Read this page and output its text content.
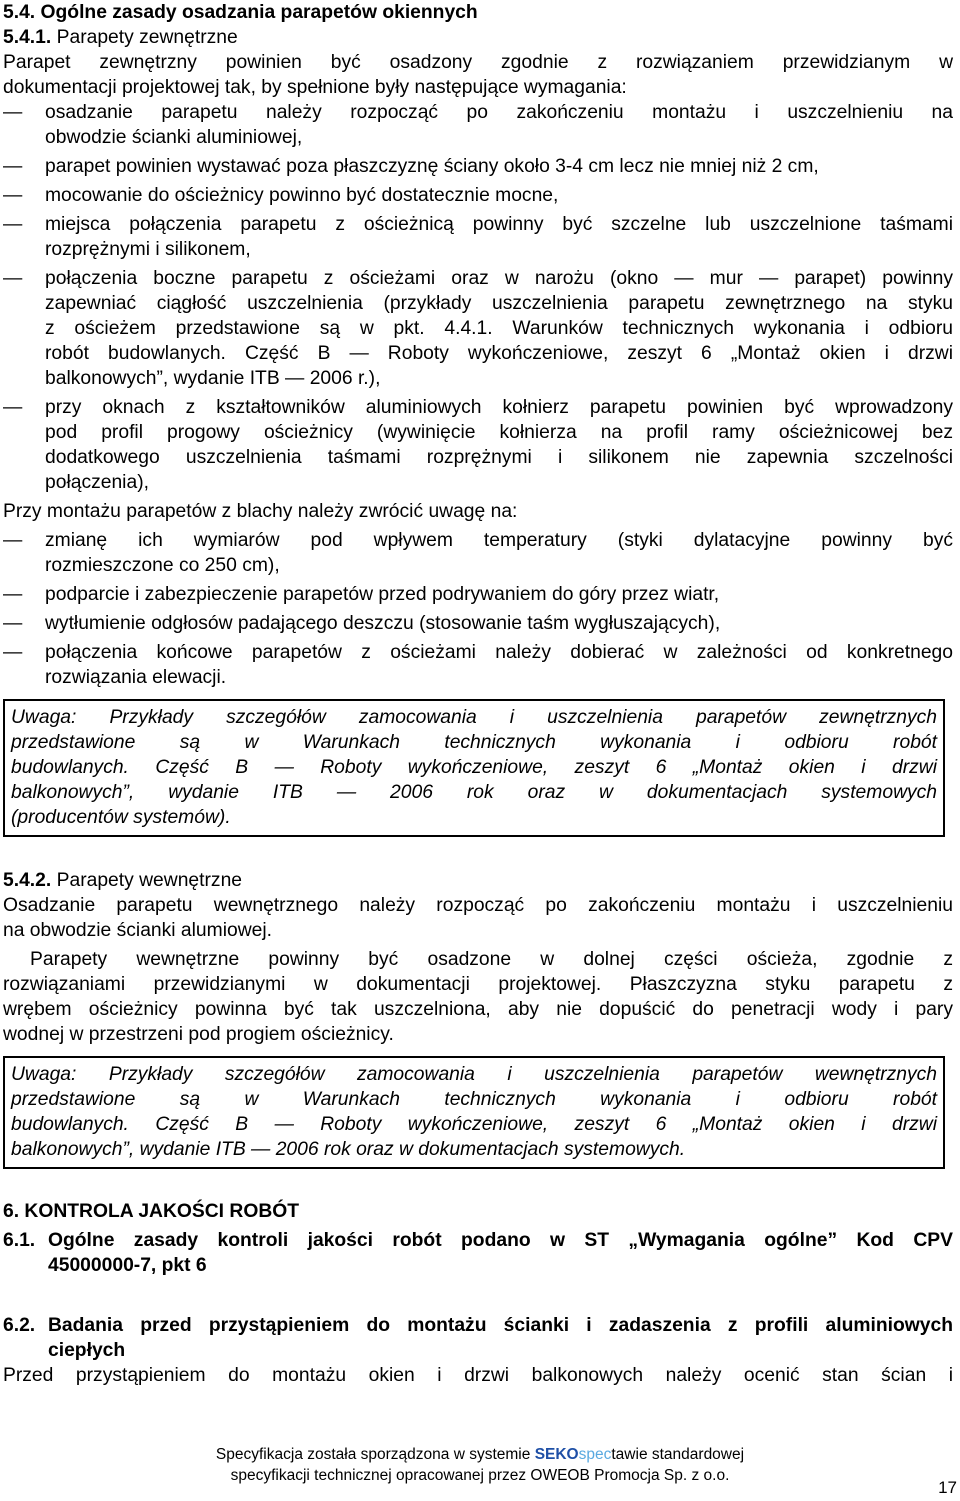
5.4. Ogólne zasady osadzania parapetów okiennych
5.4.1. Parapety zewnętrzne
Parapet zewnętrzny powinien być osadzony zgodnie z rozwiązaniem przewidzianym w
dokumentacji projektowej tak, by spełnione były następujące wymagania:
— osadzanie parapetu należy rozpocząć po zakończeniu montażu i uszczelnieniu na
obwodzie ścianki aluminiowej,
— parapet powinien wystawać poza płaszczyznę ściany około 3-4 cm lecz nie mniej niż 2 cm,
— mocowanie do ościeżnicy powinno być dostatecznie mocne,
— miejsca połączenia parapetu z ościeżnicą powinny być szczelne lub uszczelnione taśmami
rozprężnymi i silikonem,
— połączenia boczne parapetu z ościeżami oraz w narożu (okno — mur — parapet) powinny
zapewniać ciągłość uszczelnienia (przykłady uszczelnienia parapetu zewnętrznego na styku
z ościeżem przedstawione są w pkt. 4.4.1. Warunków technicznych wykonania i odbioru
robót budowlanych. Część B — Roboty wykończeniowe, zeszyt 6 „Montaż okien i drzwi
balkonowych”, wydanie ITB — 2006 r.),
— przy oknach z kształtowników aluminiowych kołnierz parapetu powinien być wprowadzony
pod profil progowy ościeżnicy (wywinięcie kołnierza na profil ramy ościeżnicowej bez
dodatkowego uszczelnienia taśmami rozprężnymi i silikonem nie zapewnia szczelności
połączenia),
Przy montażu parapetów z blachy należy zwrócić uwagę na:
— zmianę ich wymiarów pod wpływem temperatury (styki dylatacyjne powinny być
rozmieszczone co 250 cm),
— podparcie i zabezpieczenie parapetów przed podrywaniem do góry przez wiatr,
— wytłumienie odgłosów padającego deszczu (stosowanie taśm wygłuszających),
— połączenia końcowe parapetów z ościeżami należy dobierać w zależności od konkretnego
rozwiązania elewacji.
Uwaga: Przykłady szczegółów zamocowania i uszczelnienia parapetów zewnętrznych
przedstawione są w Warunkach technicznych wykonania i odbioru robót
budowlanych. Część B — Roboty wykończeniowe, zeszyt 6 „Montaż okien i drzwi
balkonowych”, wydanie ITB — 2006 rok oraz w dokumentacjach systemowych
(producentów systemów).
5.4.2. Parapety wewnętrzne
Osadzanie parapetu wewnętrznego należy rozpocząć po zakończeniu montażu i uszczelnieniu
na obwodzie ścianki alumiowej.
Parapety wewnętrzne powinny być osadzone w dolnej części ościeża, zgodnie z
rozwiązaniami przewidzianymi w dokumentacji projektowej. Płaszczyzna styku parapetu z
wrębem ościeżnicy powinna być tak uszczelniona, aby nie dopuścić do penetracji wody i pary
wodnej w przestrzeni pod progiem ościeżnicy.
Uwaga: Przykłady szczegółów zamocowania i uszczelnienia parapetów wewnętrznych
przedstawione są w Warunkach technicznych wykonania i odbioru robót
budowlanych. Część B — Roboty wykończeniowe, zeszyt 6 „Montaż okien i drzwi
balkonowych”, wydanie ITB — 2006 rok oraz w dokumentacjach systemowych.
6. KONTROLA JAKOŚCI ROBÓT
6.1. Ogólne zasady kontroli jakości robót podano w ST „Wymagania ogólne” Kod CPV
45000000-7, pkt 6
6.2. Badania przed przystąpieniem do montażu ścianki i zadaszenia z profili aluminiowych
ciepłych
Przed przystąpieniem do montażu okien i drzwi balkonowych należy ocenić stan ścian i
Specyfikacja została sporządzona w systemie SEKOspectawie standardowej
specyfikacji technicznej opracowanej przez OWEOB Promocja Sp. z o.o.
17
